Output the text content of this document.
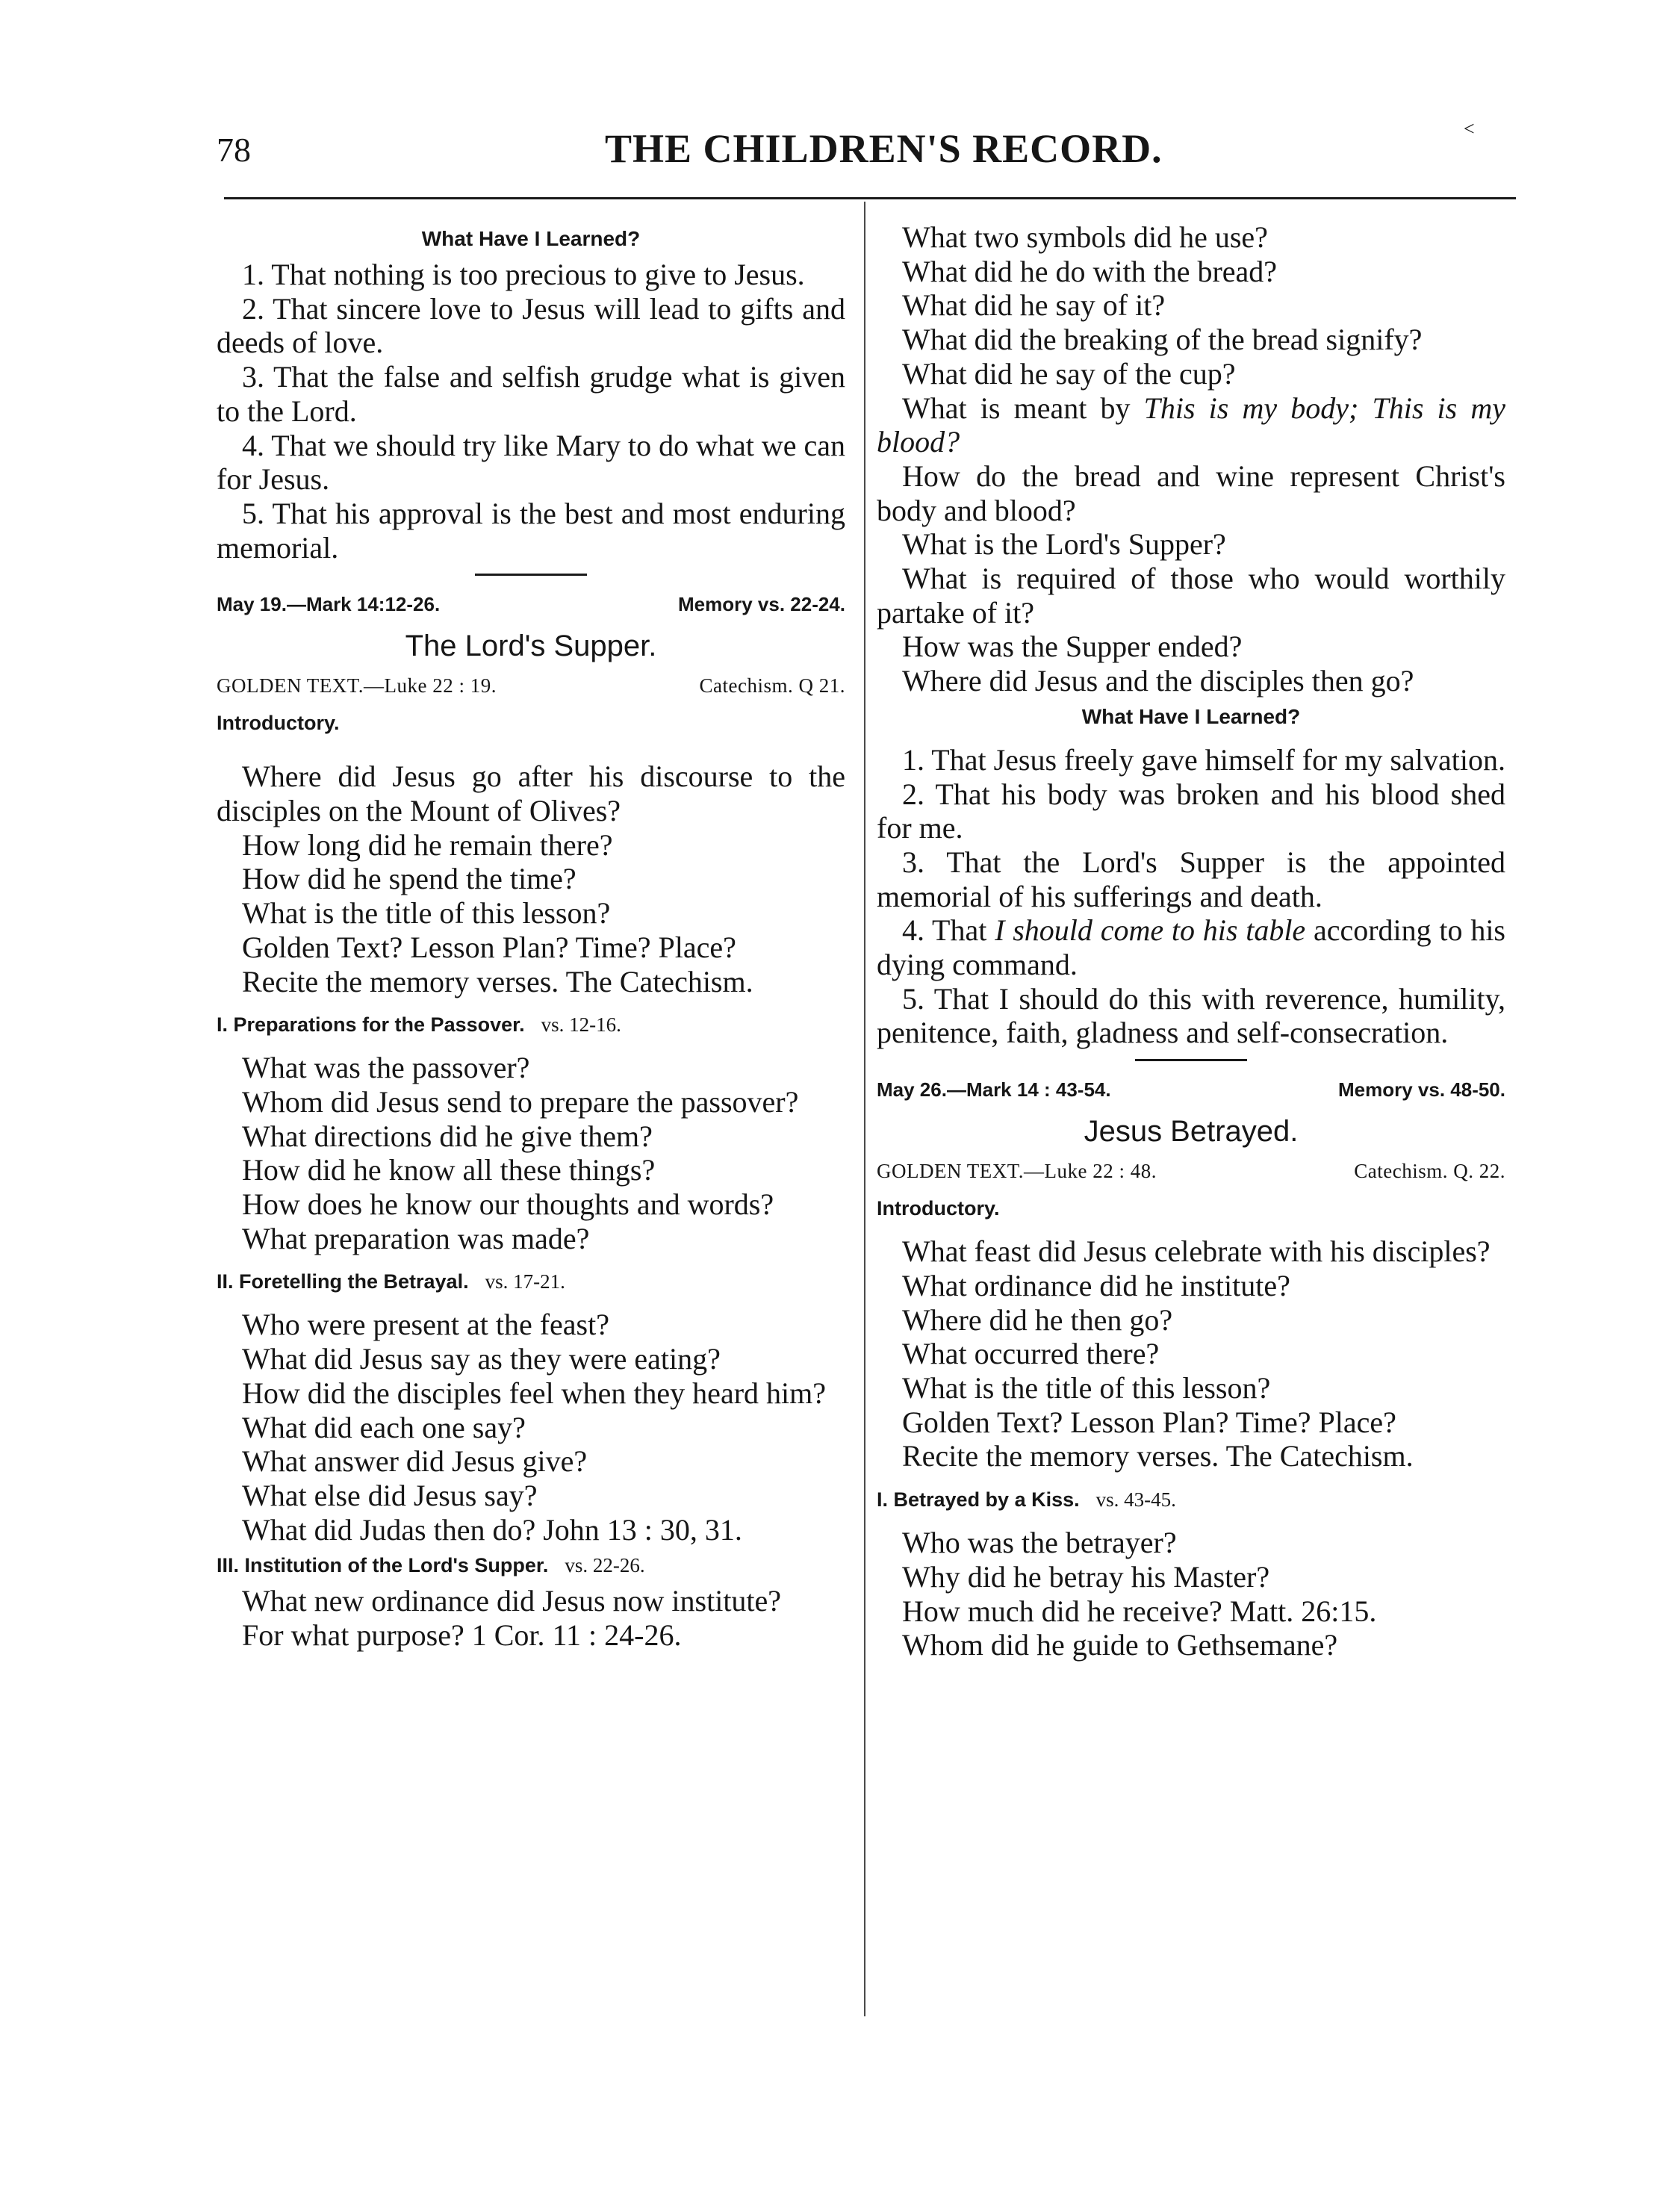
78	THE CHILDREN'S RECORD.	˂
What Have I Learned?

1. That nothing is too precious to give to Jesus.

2. That sincere love to Jesus will lead to gifts and deeds of love.

3. That the false and selfish grudge what is given to the Lord.

4. That we should try like Mary to do what we can for Jesus.

5. That his approval is the best and most enduring memorial.

May 19.—Mark 14:12-26.	Memory vs. 22-24.
The Lord's Supper.
GOLDEN TEXT.—Luke 22 : 19.	Catechism. Q 21.
Introductory.

Where did Jesus go after his discourse to the disciples on the Mount of Olives?

How long did he remain there?

How did he spend the time?

What is the title of this lesson?

Golden Text? Lesson Plan? Time? Place?

Recite the memory verses. The Catechism.

I. Preparations for the Passover. vs. 12-16.

What was the passover?

Whom did Jesus send to prepare the passover?

What directions did he give them?

How did he know all these things?

How does he know our thoughts and words?

What preparation was made?

II. Foretelling the Betrayal. vs. 17-21.

Who were present at the feast?

What did Jesus say as they were eating?

How did the disciples feel when they heard him?

What did each one say?

What answer did Jesus give?

What else did Jesus say?

What did Judas then do? John 13 : 30, 31.

III. Institution of the Lord's Supper. vs. 22-26.

What new ordinance did Jesus now institute?

For what purpose? 1 Cor. 11 : 24-26.

What two symbols did he use?

What did he do with the bread?

What did he say of it?

What did the breaking of the bread signify?

What did he say of the cup?

What is meant by This is my body; This is my blood?

How do the bread and wine represent Christ's body and blood?

What is the Lord's Supper?

What is required of those who would worthily partake of it?

How was the Supper ended?

Where did Jesus and the disciples then go?

What Have I Learned?

1. That Jesus freely gave himself for my salvation.

2. That his body was broken and his blood shed for me.

3. That the Lord's Supper is the appointed memorial of his sufferings and death.

4. That I should come to his table according to his dying command.

5. That I should do this with reverence, humility, penitence, faith, gladness and self-consecration.

May 26.—Mark 14 : 43-54.	Memory vs. 48-50.
Jesus Betrayed.
GOLDEN TEXT.—Luke 22 : 48.	Catechism. Q. 22.
Introductory.

What feast did Jesus celebrate with his disciples?

What ordinance did he institute?

Where did he then go?

What occurred there?

What is the title of this lesson?

Golden Text? Lesson Plan? Time? Place?

Recite the memory verses. The Catechism.

I. Betrayed by a Kiss. vs. 43-45.

Who was the betrayer?

Why did he betray his Master?

How much did he receive? Matt. 26:15.

Whom did he guide to Gethsemane?
